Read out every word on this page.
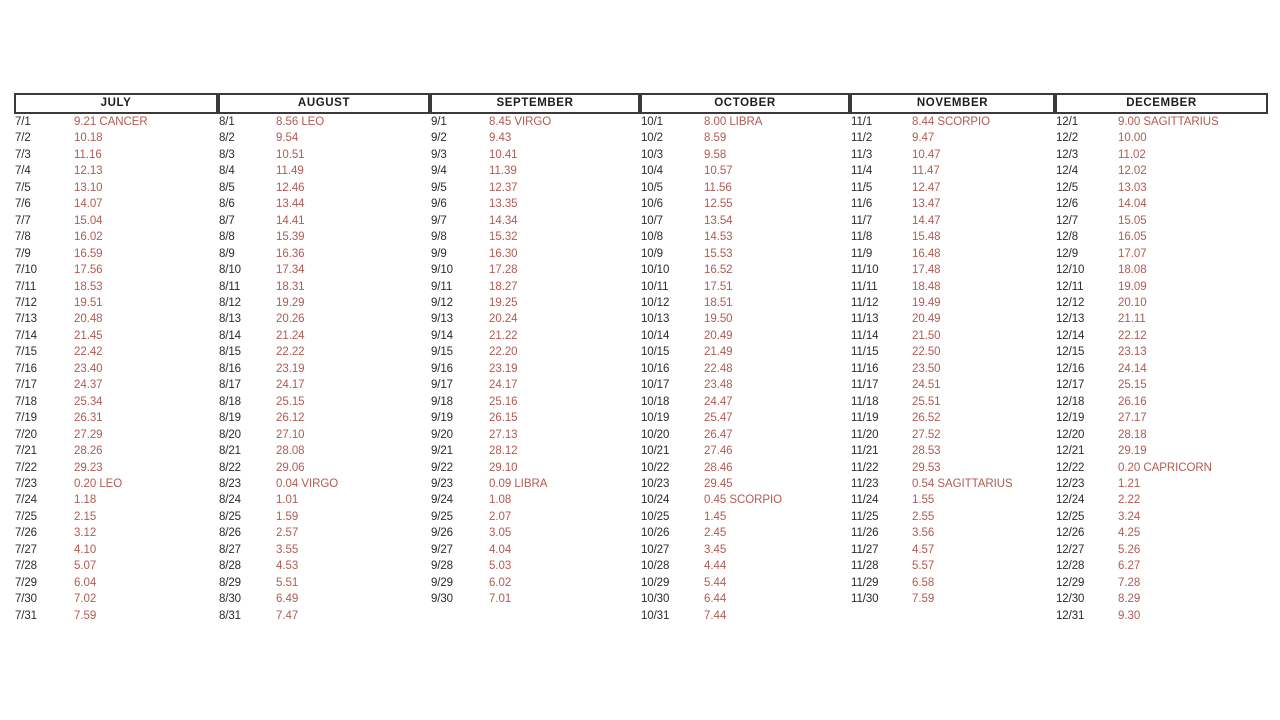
JULY			AUGUST			SEPTEMBER			OCTOBER			NOVEMBER			DECEMBER	
7/1	9.21 CANCER		8/1	8.56 LEO		9/1	8.45 VIRGO		10/1	8.00 LIBRA		11/1	8.44 SCORPIO		12/1	9.00 SAGITTARIUS
7/2	10.18		8/2	9.54		9/2	9.43		10/2	8.59		11/2	9.47		12/2	10.00
7/3	11.16		8/3	10.51		9/3	10.41		10/3	9.58		11/3	10.47		12/3	11.02
7/4	12.13		8/4	11.49		9/4	11.39		10/4	10.57		11/4	11.47		12/4	12.02
7/5	13.10		8/5	12.46		9/5	12.37		10/5	11.56		11/5	12.47		12/5	13.03
7/6	14.07		8/6	13.44		9/6	13.35		10/6	12.55		11/6	13.47		12/6	14.04
7/7	15.04		8/7	14.41		9/7	14.34		10/7	13.54		11/7	14.47		12/7	15.05
7/8	16.02		8/8	15.39		9/8	15.32		10/8	14.53		11/8	15.48		12/8	16.05
7/9	16.59		8/9	16.36		9/9	16.30		10/9	15.53		11/9	16.48		12/9	17.07
7/10	17.56		8/10	17.34		9/10	17.28		10/10	16.52		11/10	17.48		12/10	18.08
7/11	18.53		8/11	18.31		9/11	18.27		10/11	17.51		11/11	18.48		12/11	19.09
7/12	19.51		8/12	19.29		9/12	19.25		10/12	18.51		11/12	19.49		12/12	20.10
7/13	20.48		8/13	20.26		9/13	20.24		10/13	19.50		11/13	20.49		12/13	21.11
7/14	21.45		8/14	21.24		9/14	21.22		10/14	20.49		11/14	21.50		12/14	22.12
7/15	22.42		8/15	22.22		9/15	22.20		10/15	21.49		11/15	22.50		12/15	23.13
7/16	23.40		8/16	23.19		9/16	23.19		10/16	22.48		11/16	23.50		12/16	24.14
7/17	24.37		8/17	24.17		9/17	24.17		10/17	23.48		11/17	24.51		12/17	25.15
7/18	25.34		8/18	25.15		9/18	25.16		10/18	24.47		11/18	25.51		12/18	26.16
7/19	26.31		8/19	26.12		9/19	26.15		10/19	25.47		11/19	26.52		12/19	27.17
7/20	27.29		8/20	27.10		9/20	27.13		10/20	26.47		11/20	27.52		12/20	28.18
7/21	28.26		8/21	28.08		9/21	28.12		10/21	27.46		11/21	28.53		12/21	29.19
7/22	29.23		8/22	29.06		9/22	29.10		10/22	28.46		11/22	29.53		12/22	0.20 CAPRICORN
7/23	0.20 LEO		8/23	0.04 VIRGO		9/23	0.09 LIBRA		10/23	29.45		11/23	0.54 SAGITTARIUS		12/23	1.21
7/24	1.18		8/24	1.01		9/24	1.08		10/24	0.45 SCORPIO		11/24	1.55		12/24	2.22
7/25	2.15		8/25	1.59		9/25	2.07		10/25	1.45		11/25	2.55		12/25	3.24
7/26	3.12		8/26	2.57		9/26	3.05		10/26	2.45		11/26	3.56		12/26	4.25
7/27	4.10		8/27	3.55		9/27	4.04		10/27	3.45		11/27	4.57		12/27	5.26
7/28	5.07		8/28	4.53		9/28	5.03		10/28	4.44		11/28	5.57		12/28	6.27
7/29	6.04		8/29	5.51		9/29	6.02		10/29	5.44		11/29	6.58		12/29	7.28
7/30	7.02		8/30	6.49		9/30	7.01		10/30	6.44		11/30	7.59		12/30	8.29
7/31	7.59		8/31	7.47					10/31	7.44					12/31	9.30
